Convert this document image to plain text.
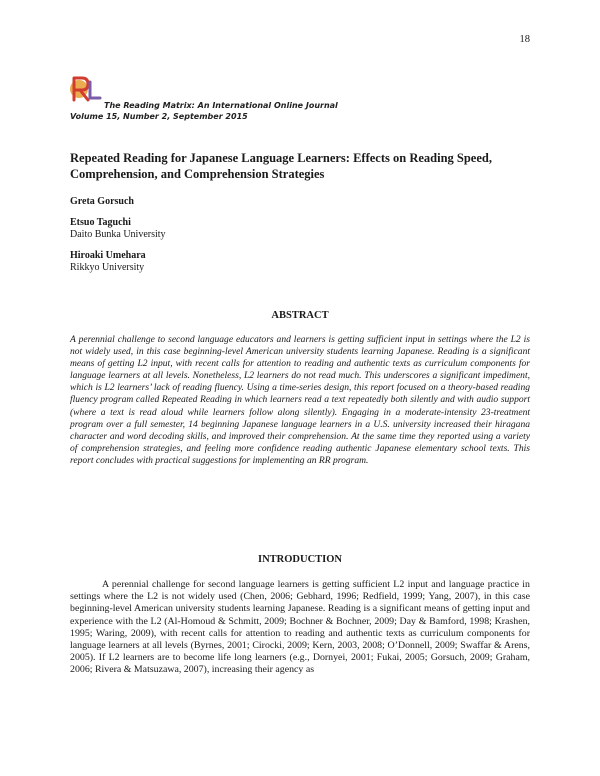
18
The Reading Matrix: An International Online Journal
Volume 15, Number 2, September 2015
Repeated Reading for Japanese Language Learners: Effects on Reading Speed, Comprehension, and Comprehension Strategies
Greta Gorsuch
Etsuo Taguchi
Daito Bunka University
Hiroaki Umehara
Rikkyo University
ABSTRACT
A perennial challenge to second language educators and learners is getting sufficient input in settings where the L2 is not widely used, in this case beginning-level American university students learning Japanese. Reading is a significant means of getting L2 input, with recent calls for attention to reading and authentic texts as curriculum components for language learners at all levels. Nonetheless, L2 learners do not read much. This underscores a significant impediment, which is L2 learners’ lack of reading fluency. Using a time-series design, this report focused on a theory-based reading fluency program called Repeated Reading in which learners read a text repeatedly both silently and with audio support (where a text is read aloud while learners follow along silently). Engaging in a moderate-intensity 23-treatment program over a full semester, 14 beginning Japanese language learners in a U.S. university increased their hiragana character and word decoding skills, and improved their comprehension. At the same time they reported using a variety of comprehension strategies, and feeling more confidence reading authentic Japanese elementary school texts. This report concludes with practical suggestions for implementing an RR program.
INTRODUCTION
A perennial challenge for second language learners is getting sufficient L2 input and language practice in settings where the L2 is not widely used (Chen, 2006; Gebhard, 1996; Redfield, 1999; Yang, 2007), in this case beginning-level American university students learning Japanese. Reading is a significant means of getting input and experience with the L2 (Al-Homoud & Schmitt, 2009; Bochner & Bochner, 2009; Day & Bamford, 1998; Krashen, 1995; Waring, 2009), with recent calls for attention to reading and authentic texts as curriculum components for language learners at all levels (Byrnes, 2001; Cirocki, 2009; Kern, 2003, 2008; O’Donnell, 2009; Swaffar & Arens, 2005). If L2 learners are to become life long learners (e.g., Dornyei, 2001; Fukai, 2005; Gorsuch, 2009; Graham, 2006; Rivera & Matsuzawa, 2007), increasing their agency as
